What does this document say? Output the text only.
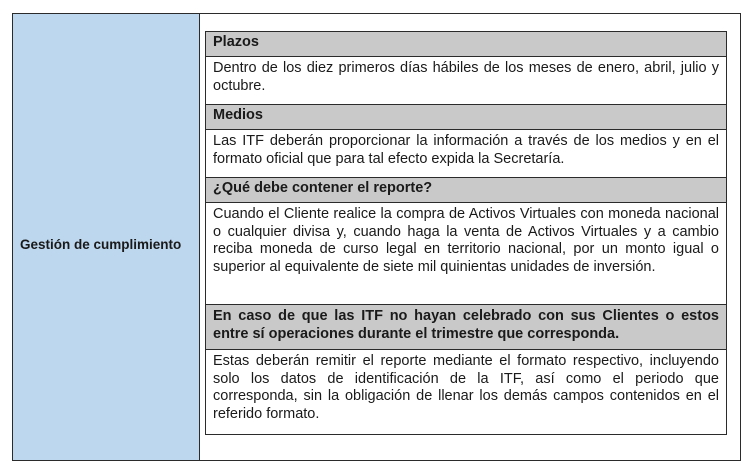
Gestión de cumplimiento
Plazos
Dentro de los diez primeros días hábiles de los meses de enero, abril, julio y octubre.
Medios
Las ITF deberán proporcionar la información a través de los medios y en el formato oficial que para tal efecto expida la Secretaría.
¿Qué debe contener el reporte?
Cuando el Cliente realice la compra de Activos Virtuales con moneda nacional o cualquier divisa y, cuando haga la venta de Activos Virtuales y a cambio reciba moneda de curso legal en territorio nacional, por un monto igual o superior al equivalente de siete mil quinientas unidades de inversión.
En caso de que las ITF no hayan celebrado con sus Clientes o estos entre sí operaciones durante el trimestre que corresponda.
Estas deberán remitir el reporte mediante el formato respectivo, incluyendo solo los datos de identificación de la ITF, así como el periodo que corresponda, sin la obligación de llenar los demás campos contenidos en el referido formato.
